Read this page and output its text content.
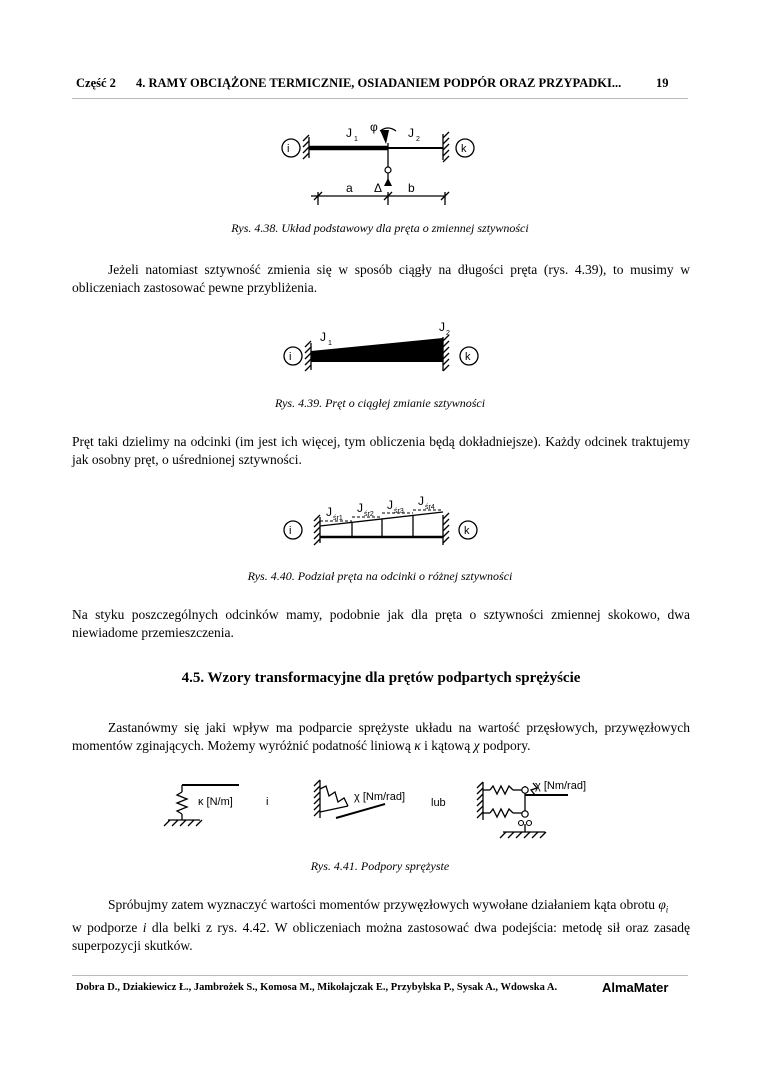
Część 2 4. RAMY OBCIĄŻONE TERMICZNIE, OSIADANIEM PODPÓR ORAZ PRZYPADKI...	19
φ
J 1	J 2
i	k
a Δ b
Rys. 4.38. Układ podstawowy dla pręta o zmiennej sztywności

Jeżeli natomiast sztywność zmienia się w sposób ciągły na długości pręta (rys. 4.39), to musimy w obliczeniach zastosować pewne przybliżenia.

J 1
J 2
i	k
Rys. 4.39. Pręt o ciągłej zmianie sztywności

Pręt taki dzielimy na odcinki (im jest ich więcej, tym obliczenia będą dokładniejsze). Każdy odcinek traktujemy jak osobny pręt, o uśrednionej sztywności.

J śr1
J śr2
J śr3
J śr4
i	k
Rys. 4.40. Podział pręta na odcinki o różnej sztywności

Na styku poszczególnych odcinków mamy, podobnie jak dla pręta o sztywności zmiennej skokowo, dwa niewiadome przemieszczenia.

4.5. Wzory transformacyjne dla prętów podpartych sprężyście

Zastanówmy się jaki wpływ ma podparcie sprężyste układu na wartość przęsłowych, przywęzłowych momentów zginających. Możemy wyróżnić podatność liniową κ i kątową χ podpory.

κ [N/m]	i	χ [Nm/rad] lub
χ [Nm/rad]
Rys. 4.41. Podpory sprężyste

Spróbujmy zatem wyznaczyć wartości momentów przywęzłowych wywołane działaniem kąta obrotu $\varphi_i$
w podporze i dla belki z rys. 4.42. W obliczeniach można zastosować dwa podejścia: metodę sił oraz zasadę superpozycji skutków.

Dobra D., Dziakiewicz Ł., Jambrożek S., Komosa M., Mikołajczak E., Przybyłska P., Sysak A., Wdowska A.	AlmaMater
